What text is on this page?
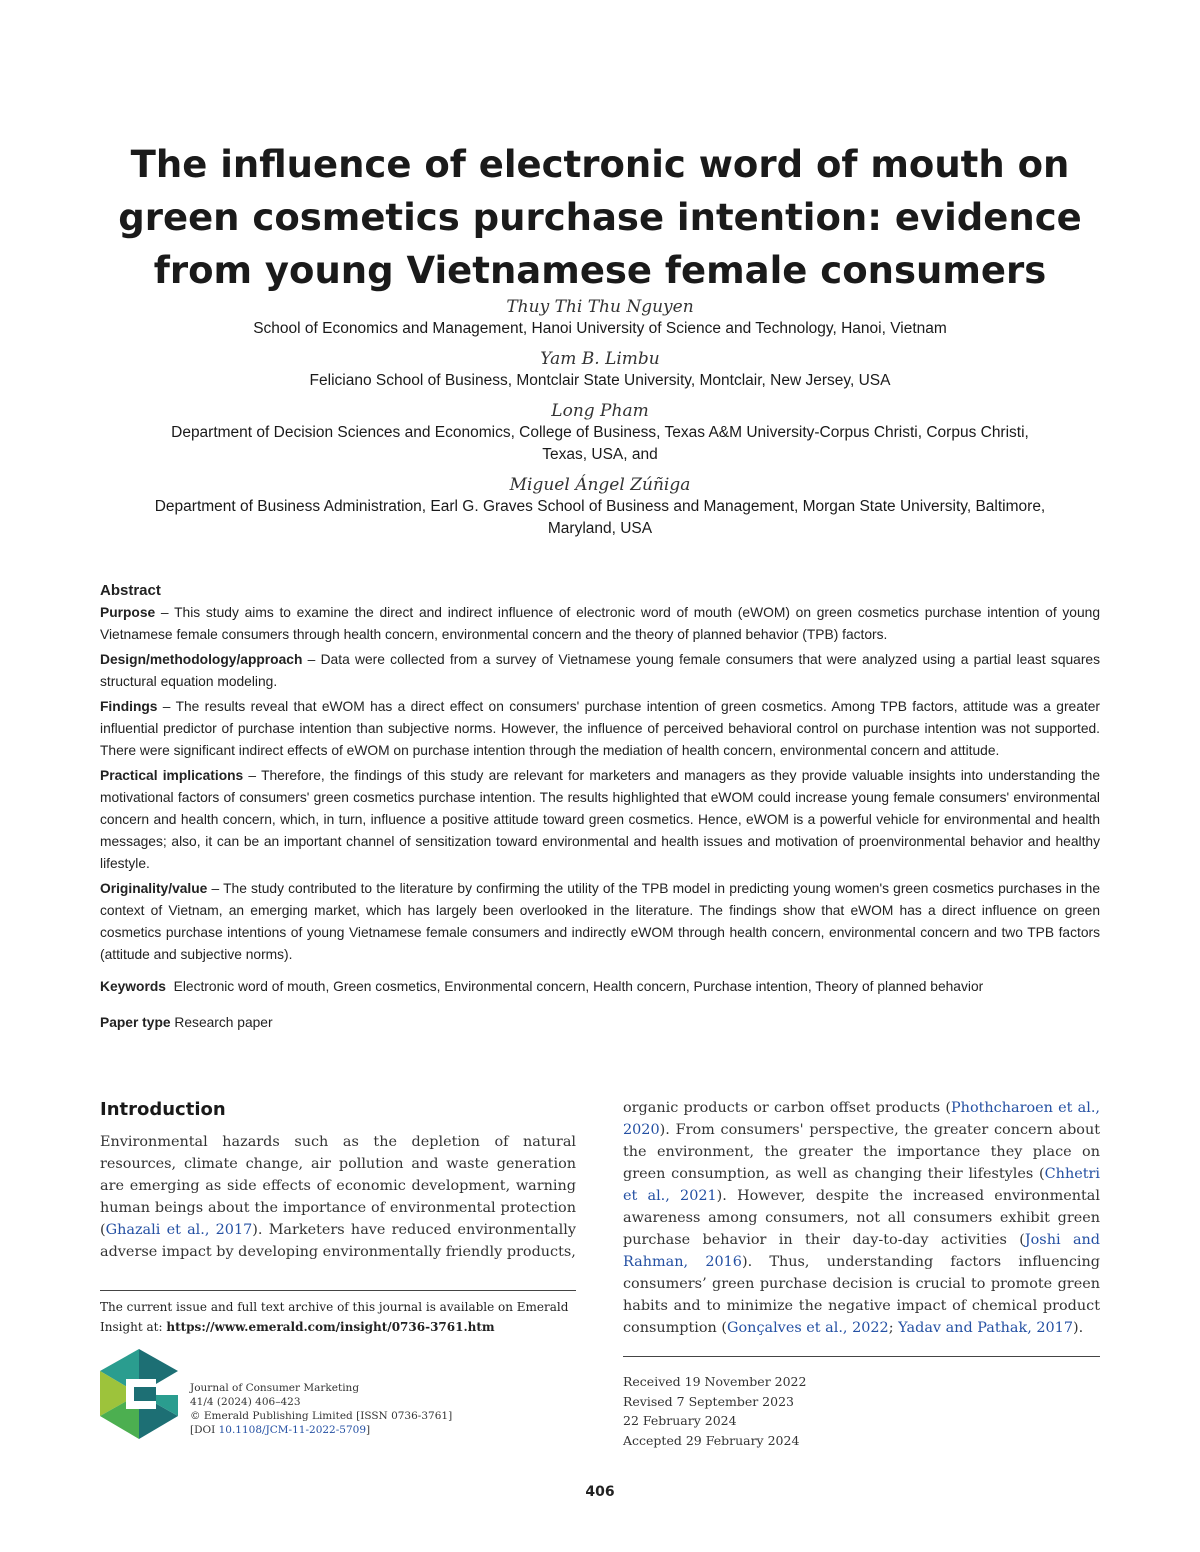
The influence of electronic word of mouth on
green cosmetics purchase intention: evidence
from young Vietnamese female consumers
Thuy Thi Thu Nguyen
School of Economics and Management, Hanoi University of Science and Technology, Hanoi, Vietnam
Yam B. Limbu
Feliciano School of Business, Montclair State University, Montclair, New Jersey, USA
Long Pham
Department of Decision Sciences and Economics, College of Business, Texas A&M University-Corpus Christi, Corpus Christi,
Texas, USA, and
Miguel Ángel Zúñiga
Department of Business Administration, Earl G. Graves School of Business and Management, Morgan State University, Baltimore,
Maryland, USA
Abstract

Purpose – This study aims to examine the direct and indirect influence of electronic word of mouth (eWOM) on green cosmetics purchase intention of young Vietnamese female consumers through health concern, environmental concern and the theory of planned behavior (TPB) factors.

Design/methodology/approach – Data were collected from a survey of Vietnamese young female consumers that were analyzed using a partial least squares structural equation modeling.

Findings – The results reveal that eWOM has a direct effect on consumers' purchase intention of green cosmetics. Among TPB factors, attitude was a greater influential predictor of purchase intention than subjective norms. However, the influence of perceived behavioral control on purchase intention was not supported. There were significant indirect effects of eWOM on purchase intention through the mediation of health concern, environmental concern and attitude.

Practical implications – Therefore, the findings of this study are relevant for marketers and managers as they provide valuable insights into understanding the motivational factors of consumers' green cosmetics purchase intention. The results highlighted that eWOM could increase young female consumers' environmental concern and health concern, which, in turn, influence a positive attitude toward green cosmetics. Hence, eWOM is a powerful vehicle for environmental and health messages; also, it can be an important channel of sensitization toward environmental and health issues and motivation of proenvironmental behavior and healthy lifestyle.

Originality/value – The study contributed to the literature by confirming the utility of the TPB model in predicting young women's green cosmetics purchases in the context of Vietnam, an emerging market, which has largely been overlooked in the literature. The findings show that eWOM has a direct influence on green cosmetics purchase intentions of young Vietnamese female consumers and indirectly eWOM through health concern, environmental concern and two TPB factors (attitude and subjective norms).

Keywords Electronic word of mouth, Green cosmetics, Environmental concern, Health concern, Purchase intention, Theory of planned behavior
Paper type Research paper
Introduction

Environmental hazards such as the depletion of natural resources, climate change, air pollution and waste generation are emerging as side effects of economic development, warning human beings about the importance of environmental protection (Ghazali et al., 2017). Marketers have reduced environmentally adverse impact by developing environmentally friendly products,

organic products or carbon offset products (Phothcharoen et al., 2020). From consumers' perspective, the greater concern about the environment, the greater the importance they place on green consumption, as well as changing their lifestyles (Chhetri et al., 2021). However, despite the increased environmental awareness among consumers, not all consumers exhibit green purchase behavior in their day-to-day activities (Joshi and Rahman, 2016). Thus, understanding factors influencing consumers’ green purchase decision is crucial to promote green habits and to minimize the negative impact of chemical product consumption (Gonçalves et al., 2022; Yadav and Pathak, 2017).

The current issue and full text archive of this journal is available on Emerald Insight at: https://www.emerald.com/insight/0736-3761.htm
Journal of Consumer Marketing
41/4 (2024) 406–423
© Emerald Publishing Limited [ISSN 0736-3761]
[DOI 10.1108/JCM-11-2022-5709]
Received 19 November 2022
Revised 7 September 2023
22 February 2024
Accepted 29 February 2024
406
